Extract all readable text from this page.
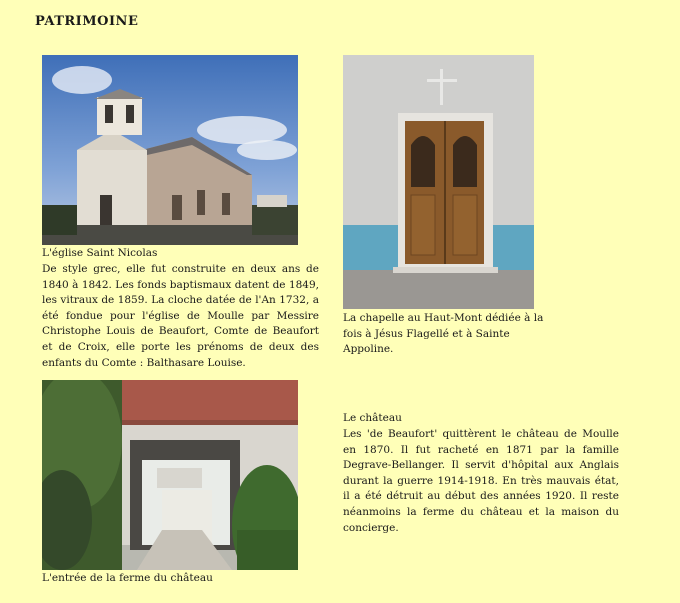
PATRIMOINE
L'église Saint Nicolas
De style grec, elle fut construite en deux ans de 1840 à 1842. Les fonds baptismaux datent de 1849, les vitraux de 1859. La cloche datée de l'An 1732, a été fondue pour l'église de Moulle par Messire Christophe Louis de Beaufort, Comte de Beaufort et de Croix, elle porte les prénoms de deux des enfants du Comte : Balthasare Louise.
La chapelle au Haut-Mont dédiée à la fois à Jésus Flagellé et à Sainte Appoline.
L'entrée de la ferme du château
Le château
Les 'de Beaufort' quittèrent le château de Moulle en 1870. Il fut racheté en 1871 par la famille Degrave-Bellanger. Il servit d'hôpital aux Anglais durant la guerre 1914-1918. En très mauvais état, il a été détruit au début des années 1920. Il reste néanmoins la ferme du château et la maison du concierge.
